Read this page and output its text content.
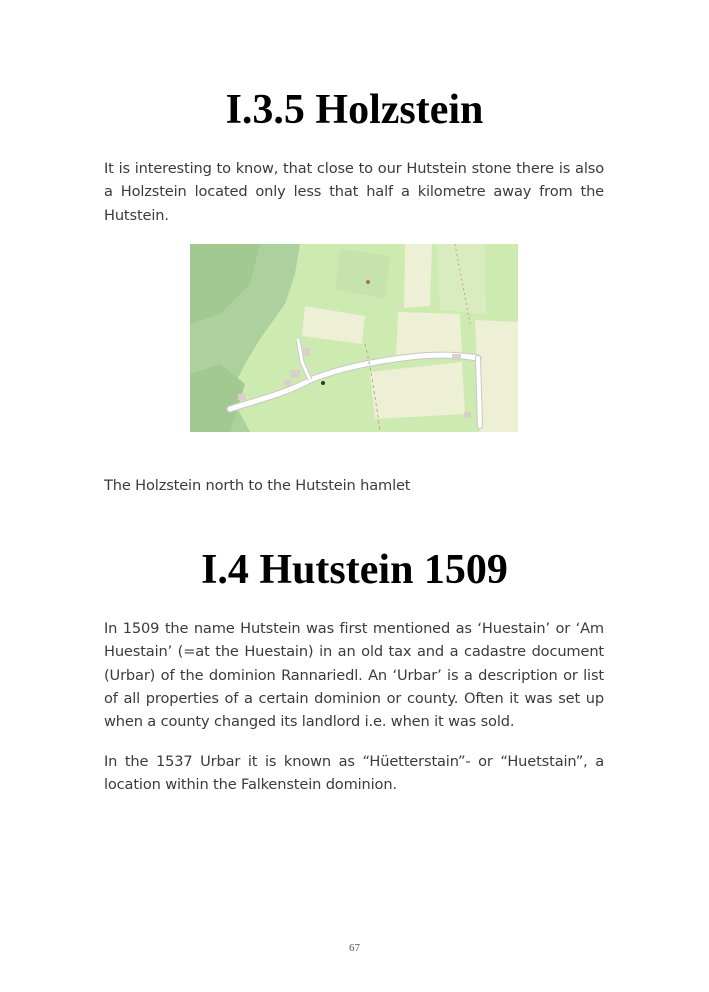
I.3.5 Holzstein

It is interesting to know, that close to our Hutstein stone there is also a Holzstein located only less that half a kilometre away from the Hutstein.

The Holzstein north to the Hutstein hamlet

I.4 Hutstein 1509

In 1509 the name Hutstein was first mentioned as ‘Huestain’ or ‘Am Huestain’ (=at the Huestain) in an old tax and a cadastre document (Urbar) of the dominion Rannariedl. An ‘Urbar’ is a description or list of all properties of a certain dominion or county. Often it was set up when a county changed its landlord i.e. when it was sold.

In the 1537 Urbar it is known as “Hüetterstain”- or “Huetstain”, a location within the Falkenstein dominion.

67
